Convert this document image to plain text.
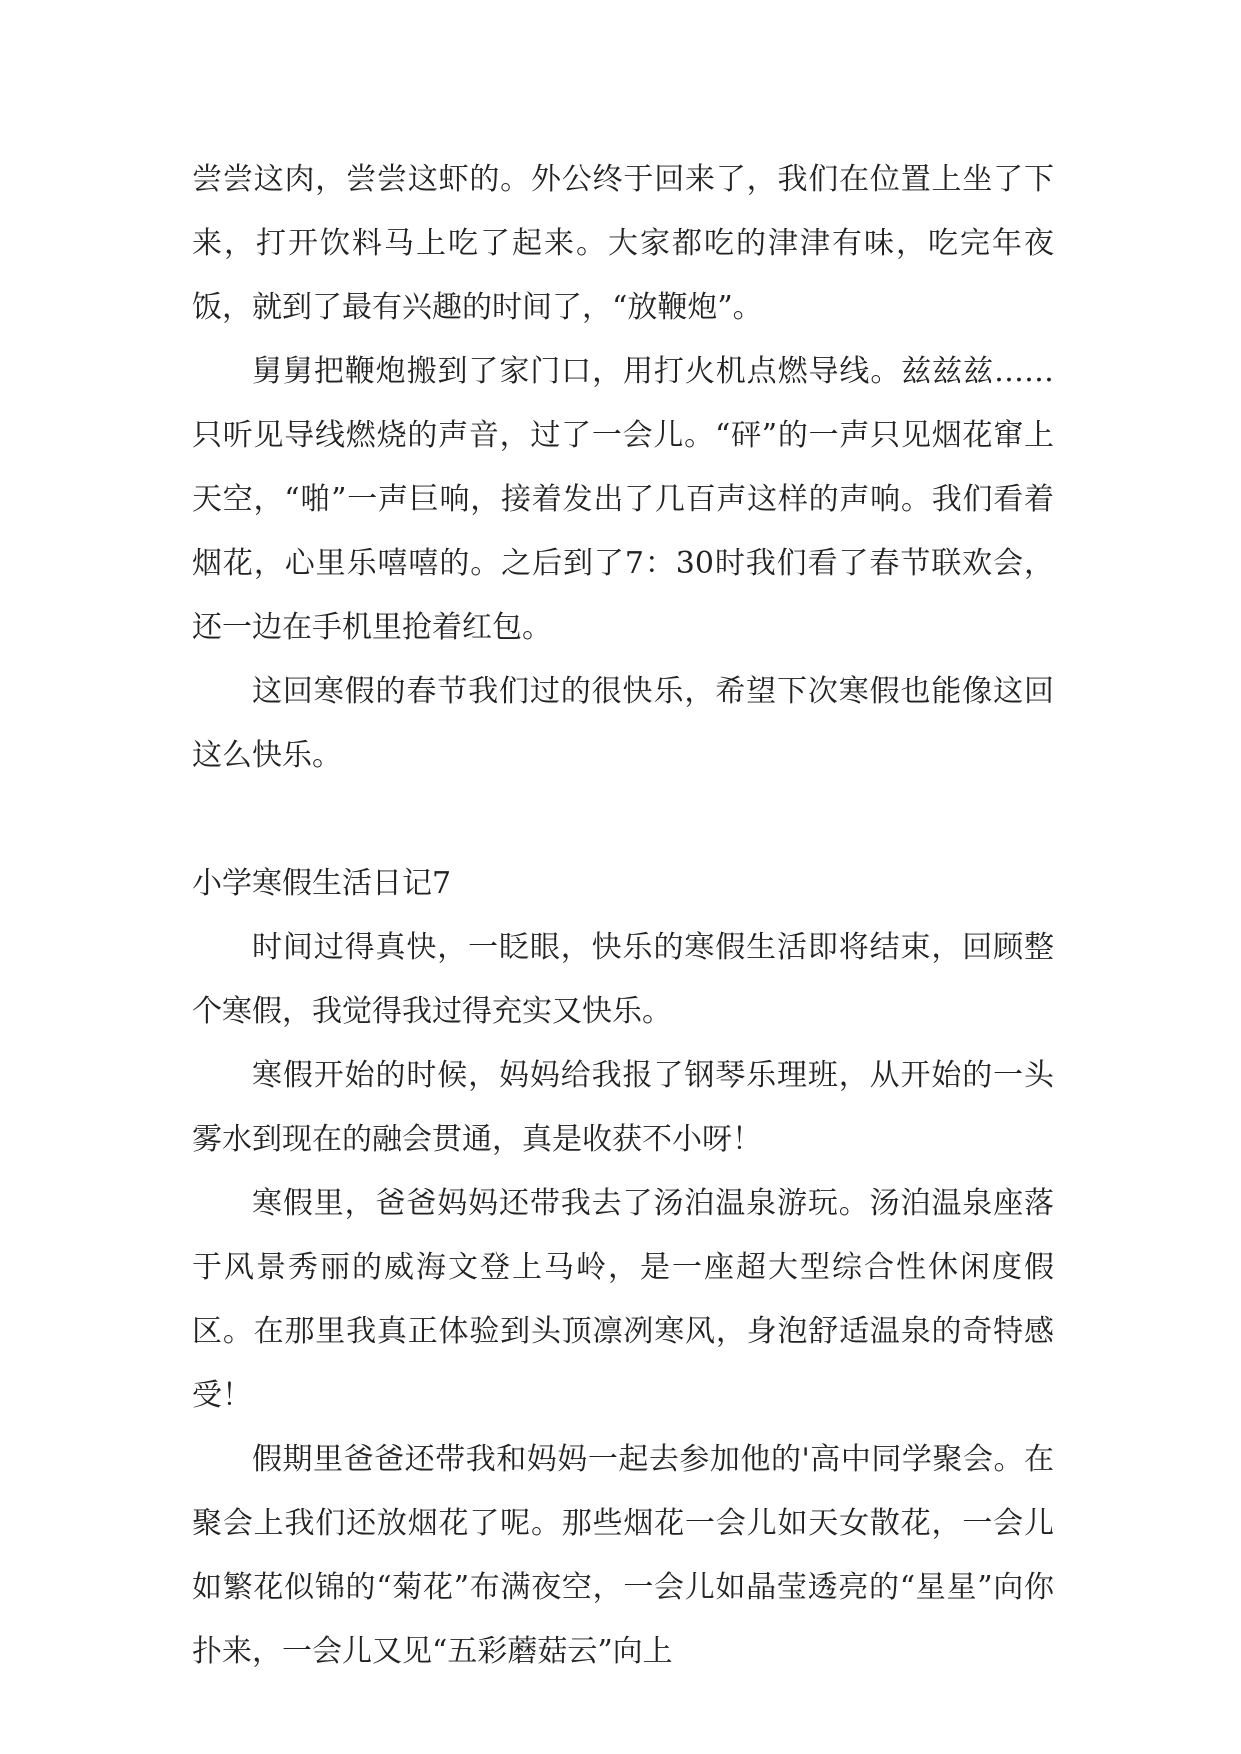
尝尝这肉，尝尝这虾的。外公终于回来了，我们在位置上坐了下来，打开饮料马上吃了起来。大家都吃的津津有味，吃完年夜饭，就到了最有兴趣的时间了，“放鞭炮”。

舅舅把鞭炮搬到了家门口，用打火机点燃导线。兹兹兹……只听见导线燃烧的声音，过了一会儿。“砰”的一声只见烟花窜上天空，“啪”一声巨响，接着发出了几百声这样的声响。我们看着烟花，心里乐嘻嘻的。之后到了7：30时我们看了春节联欢会，还一边在手机里抢着红包。

这回寒假的春节我们过的很快乐，希望下次寒假也能像这回这么快乐。

小学寒假生活日记7

时间过得真快，一眨眼，快乐的寒假生活即将结束，回顾整个寒假，我觉得我过得充实又快乐。

寒假开始的时候，妈妈给我报了钢琴乐理班，从开始的一头雾水到现在的融会贯通，真是收获不小呀！

寒假里，爸爸妈妈还带我去了汤泊温泉游玩。汤泊温泉座落于风景秀丽的威海文登上马岭，是一座超大型综合性休闲度假区。在那里我真正体验到头顶凛冽寒风，身泡舒适温泉的奇特感受！

假期里爸爸还带我和妈妈一起去参加他的'高中同学聚会。在聚会上我们还放烟花了呢。那些烟花一会儿如天女散花，一会儿如繁花似锦的“菊花”布满夜空，一会儿如晶莹透亮的“星星”向你扑来，一会儿又见“五彩蘑菇云”向上
